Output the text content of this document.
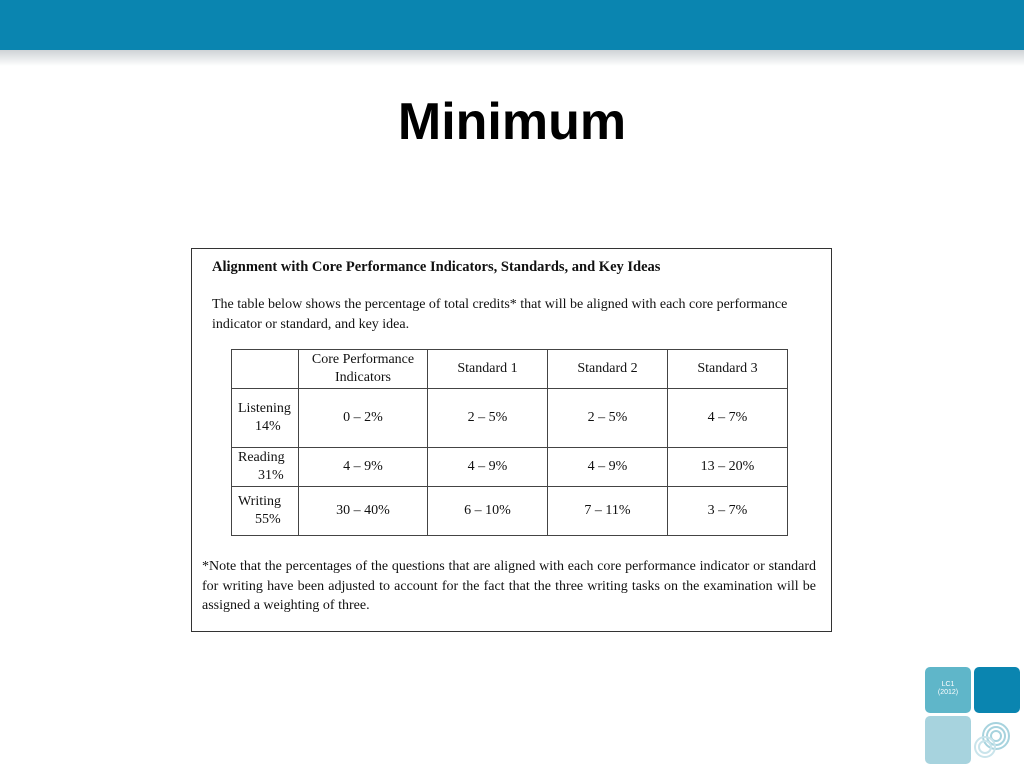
Minimum
Alignment with Core Performance Indicators, Standards, and Key Ideas
The table below shows the percentage of total credits* that will be aligned with each core performance indicator or standard, and key idea.
	Core Performance Indicators	Standard 1	Standard 2	Standard 3

Listening
14%	0 – 2%	2 – 5%	2 – 5%	4 – 7%

Reading
31%	4 – 9%	4 – 9%	4 – 9%	13 – 20%

Writing
55%	30 – 40%	6 – 10%	7 – 11%	3 – 7%
*Note that the percentages of the questions that are aligned with each core performance indicator or standard for writing have been adjusted to account for the fact that the three writing tasks on the examination will be assigned a weighting of three.
LC1
(2012)
